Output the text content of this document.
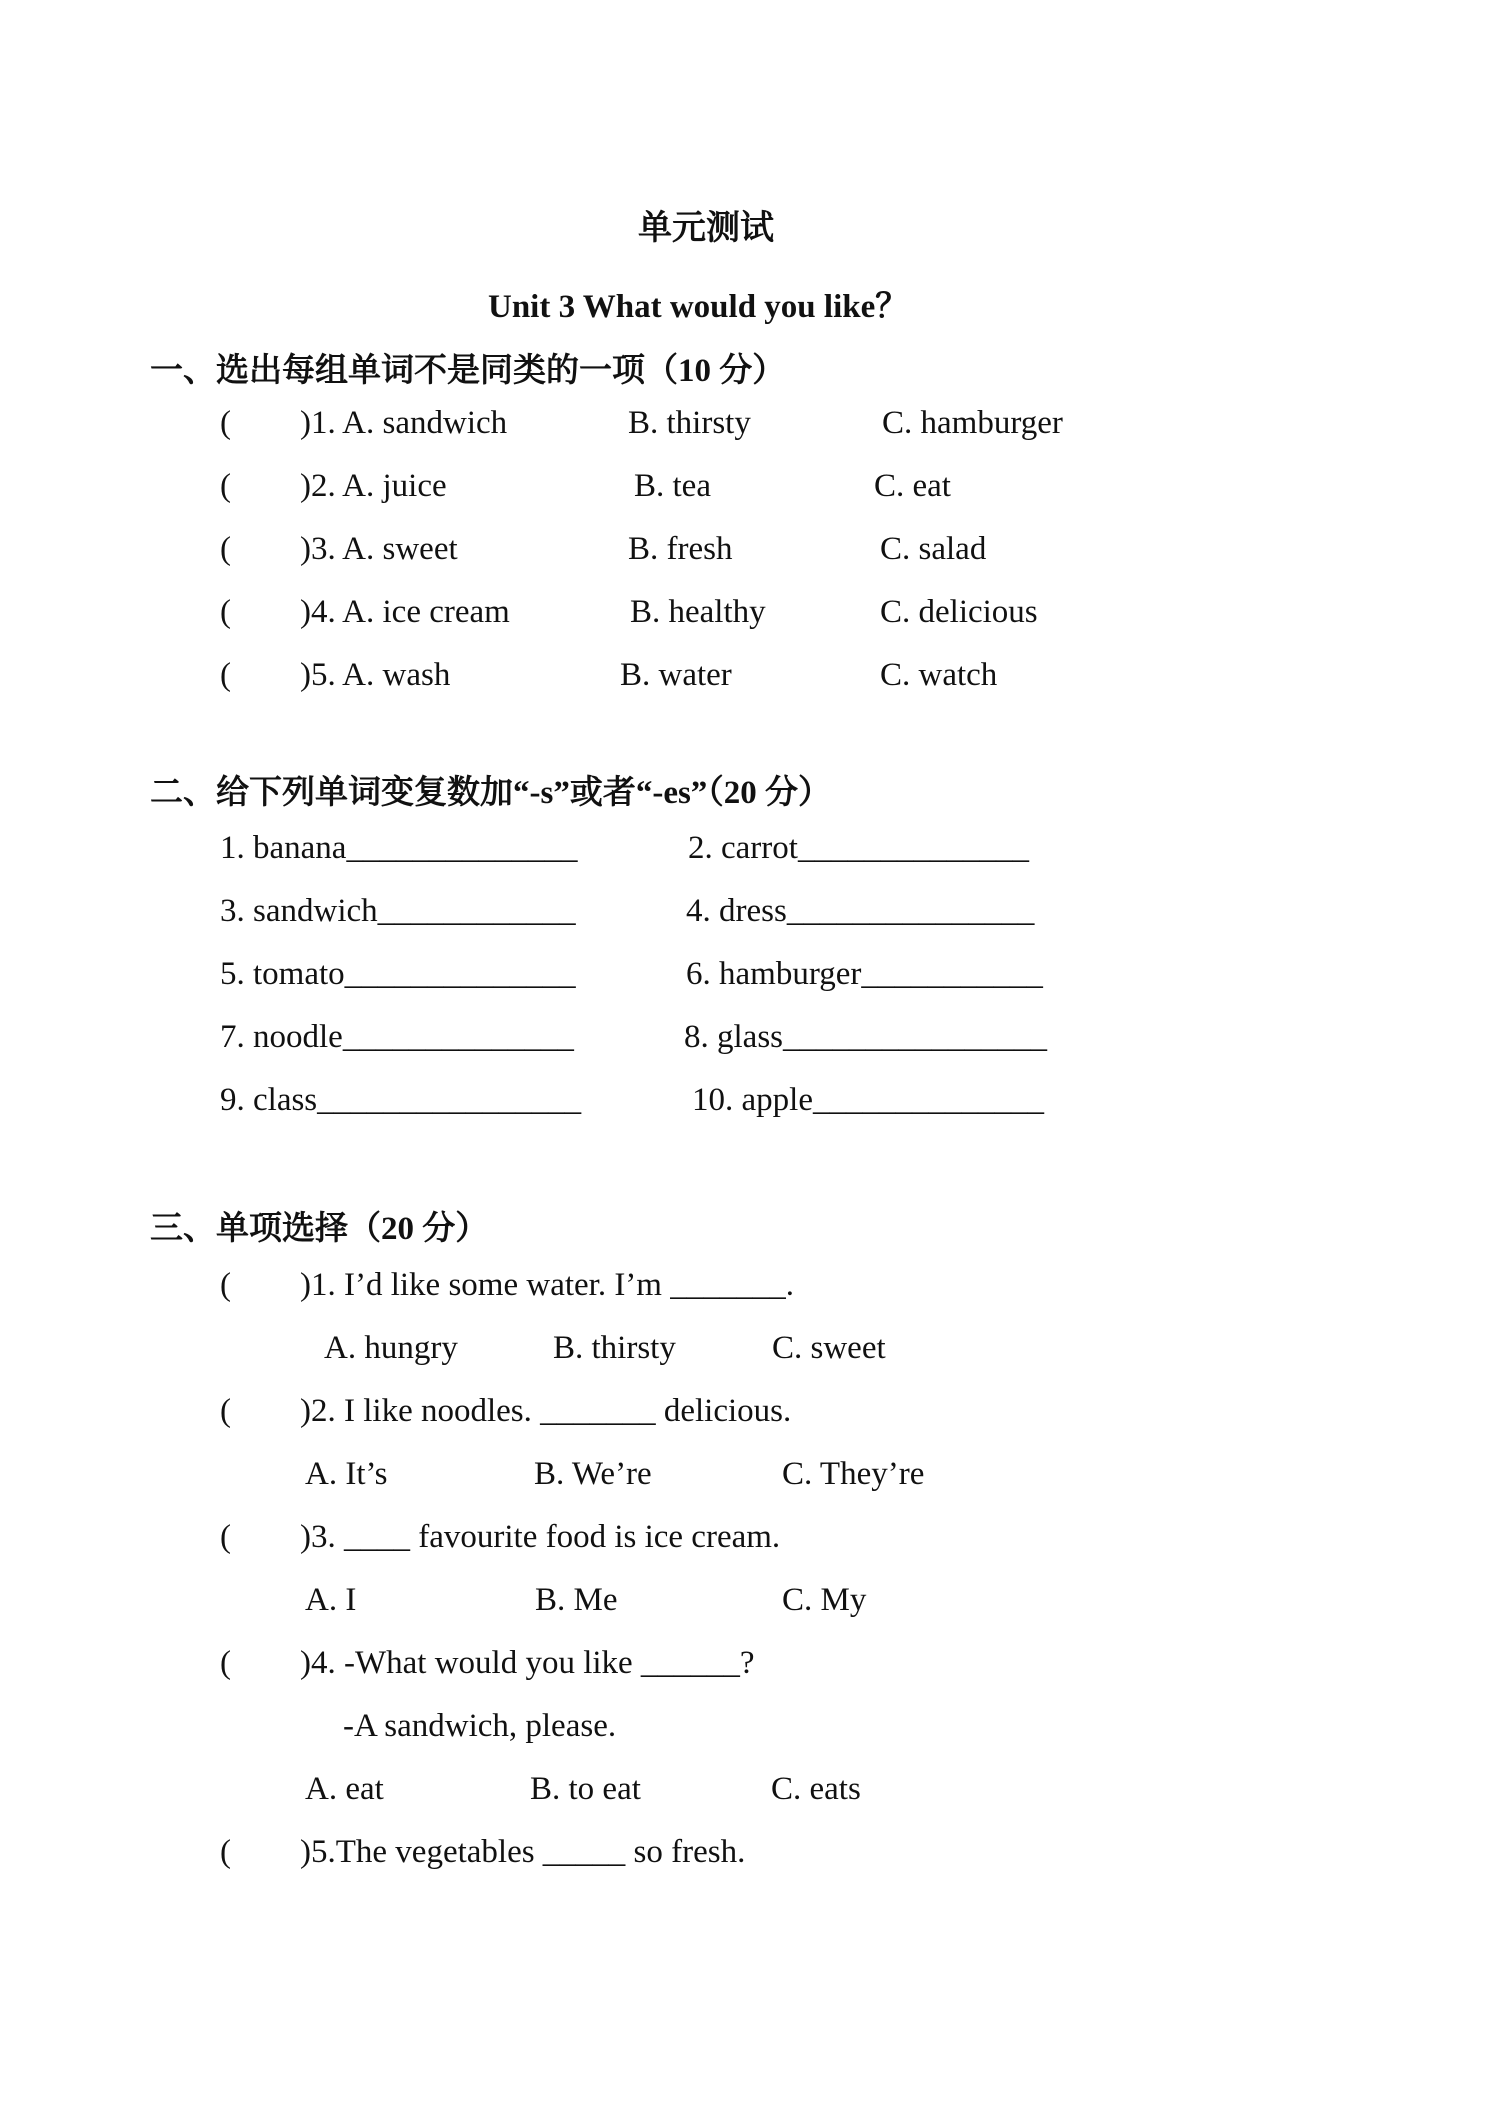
单元测试
Unit 3 What would you like？
一、选出每组单词不是同类的一项（10 分）
( )1. A. sandwich	B. thirsty	C. hamburger
( )2. A. juice	B. tea	C. eat
( )3. A. sweet	B. fresh	C. salad
( )4. A. ice cream	B. healthy	C. delicious
( )5. A. wash	B. water	C. watch
二、给下列单词变复数加“-s”或者“-es”（20 分）
1. banana______________	2. carrot______________
3. sandwich____________	4. dress_______________
5. tomato______________	6. hamburger___________
7. noodle______________	8. glass________________
9. class________________	10. apple______________
三、单项选择（20 分）
( )1. I’d like some water. I’m _______.
A. hungry	B. thirsty	C. sweet
( )2. I like noodles. _______ delicious.
A. It’s	B. We’re	C. They’re
( )3. ____ favourite food is ice cream.
A. I	B. Me	C. My
( )4. -What would you like ______?
-A sandwich, please.
A. eat	B. to eat	C. eats
( )5.The vegetables _____ so fresh.
